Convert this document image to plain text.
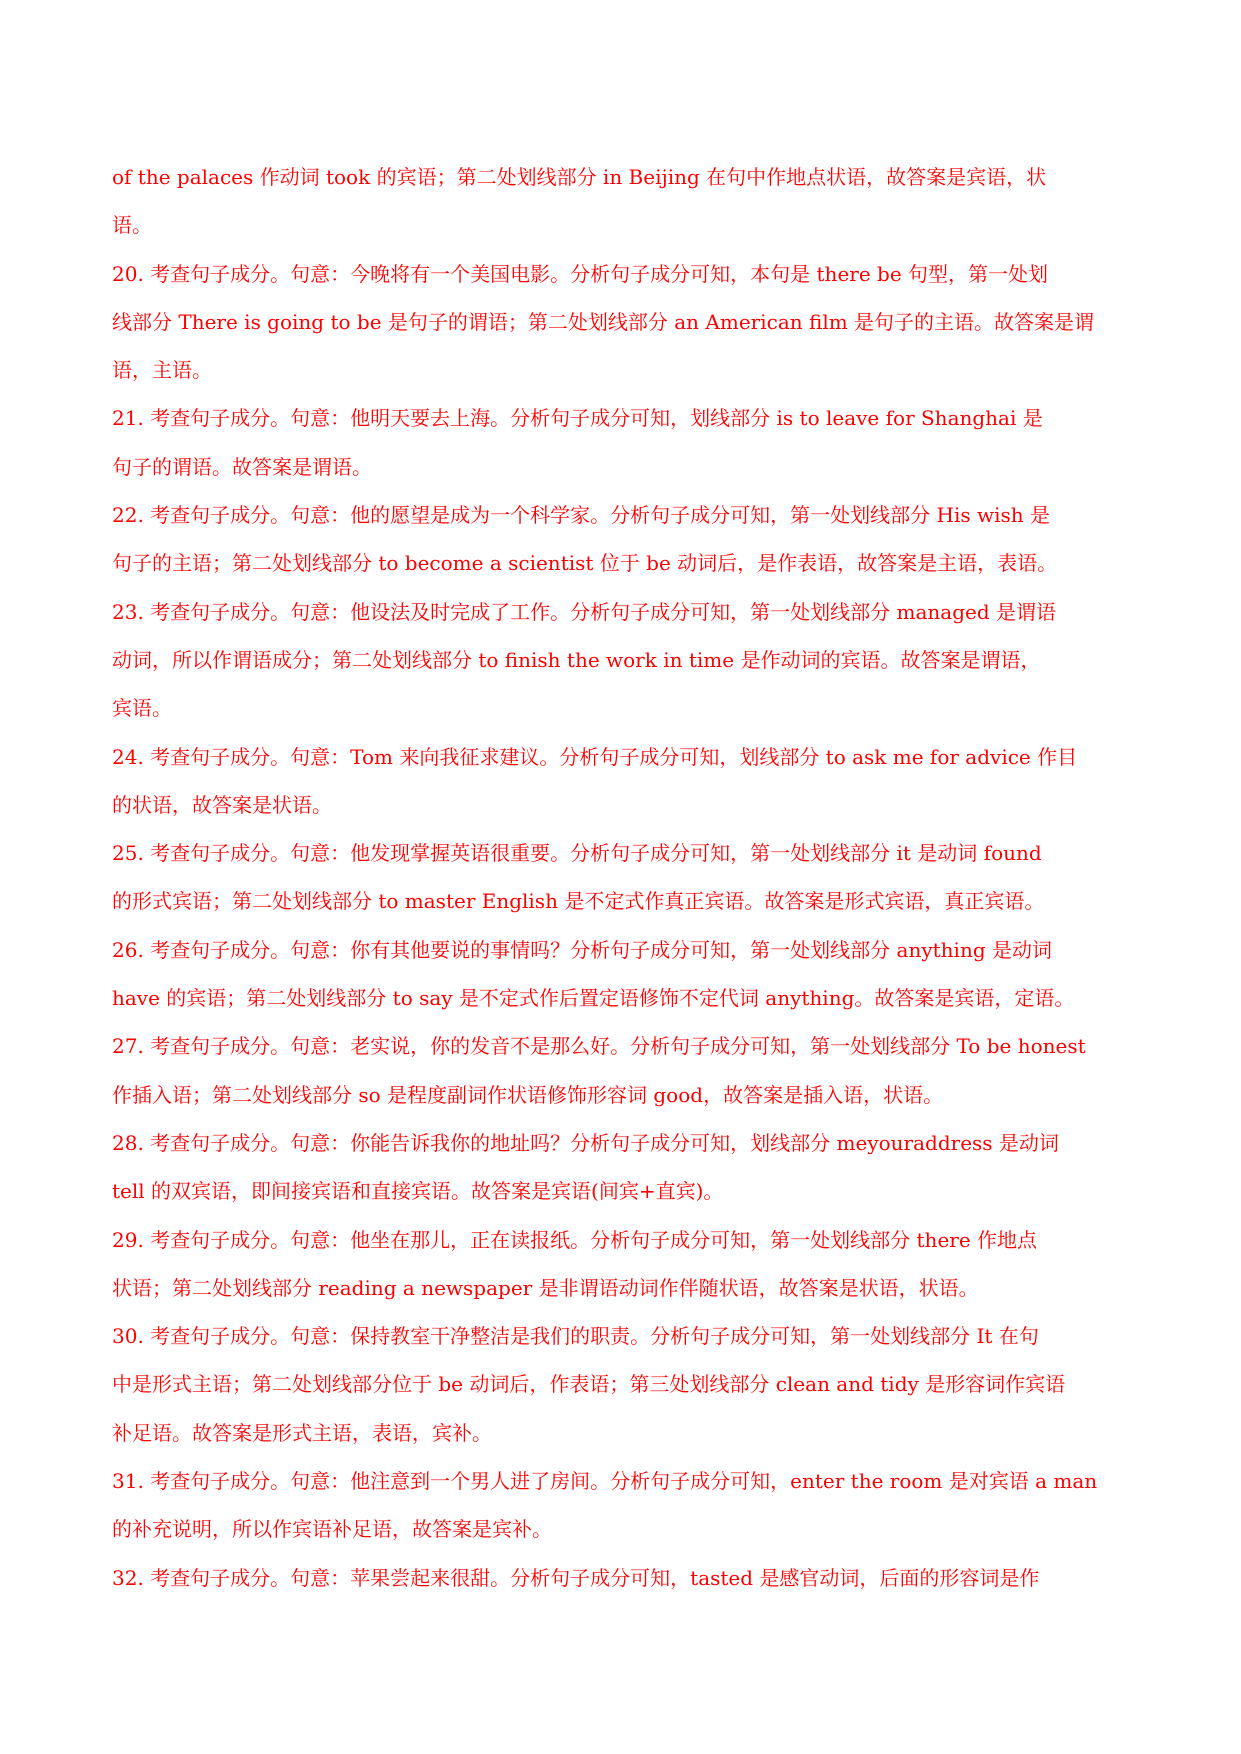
of the palaces 作动词 took 的宾语；第二处划线部分 in Beijing 在句中作地点状语，故答案是宾语，状
语。
20. 考查句子成分。句意：今晚将有一个美国电影。分析句子成分可知，本句是 there be 句型，第一处划
线部分 There is going to be 是句子的谓语；第二处划线部分 an American film 是句子的主语。故答案是谓
语，主语。
21. 考查句子成分。句意：他明天要去上海。分析句子成分可知，划线部分 is to leave for Shanghai 是
句子的谓语。故答案是谓语。
22. 考查句子成分。句意：他的愿望是成为一个科学家。分析句子成分可知，第一处划线部分 His wish 是
句子的主语；第二处划线部分 to become a scientist 位于 be 动词后，是作表语，故答案是主语，表语。
23. 考查句子成分。句意：他设法及时完成了工作。分析句子成分可知，第一处划线部分 managed 是谓语
动词，所以作谓语成分；第二处划线部分 to finish the work in time 是作动词的宾语。故答案是谓语，
宾语。
24. 考查句子成分。句意：Tom 来向我征求建议。分析句子成分可知，划线部分 to ask me for advice 作目
的状语，故答案是状语。
25. 考查句子成分。句意：他发现掌握英语很重要。分析句子成分可知，第一处划线部分 it 是动词 found
的形式宾语；第二处划线部分 to master English 是不定式作真正宾语。故答案是形式宾语，真正宾语。
26. 考查句子成分。句意：你有其他要说的事情吗？分析句子成分可知，第一处划线部分 anything 是动词
have 的宾语；第二处划线部分 to say 是不定式作后置定语修饰不定代词 anything。故答案是宾语，定语。
27. 考查句子成分。句意：老实说，你的发音不是那么好。分析句子成分可知，第一处划线部分 To be honest
作插入语；第二处划线部分 so 是程度副词作状语修饰形容词 good，故答案是插入语，状语。
28. 考查句子成分。句意：你能告诉我你的地址吗？分析句子成分可知，划线部分 meyouraddress 是动词
tell 的双宾语，即间接宾语和直接宾语。故答案是宾语(间宾+直宾)。
29. 考查句子成分。句意：他坐在那儿，正在读报纸。分析句子成分可知，第一处划线部分 there 作地点
状语；第二处划线部分 reading a newspaper 是非谓语动词作伴随状语，故答案是状语，状语。
30. 考查句子成分。句意：保持教室干净整洁是我们的职责。分析句子成分可知，第一处划线部分 It 在句
中是形式主语；第二处划线部分位于 be 动词后，作表语；第三处划线部分 clean and tidy 是形容词作宾语
补足语。故答案是形式主语，表语，宾补。
31. 考查句子成分。句意：他注意到一个男人进了房间。分析句子成分可知，enter the room 是对宾语 a man
的补充说明，所以作宾语补足语，故答案是宾补。
32. 考查句子成分。句意：苹果尝起来很甜。分析句子成分可知，tasted 是感官动词，后面的形容词是作
